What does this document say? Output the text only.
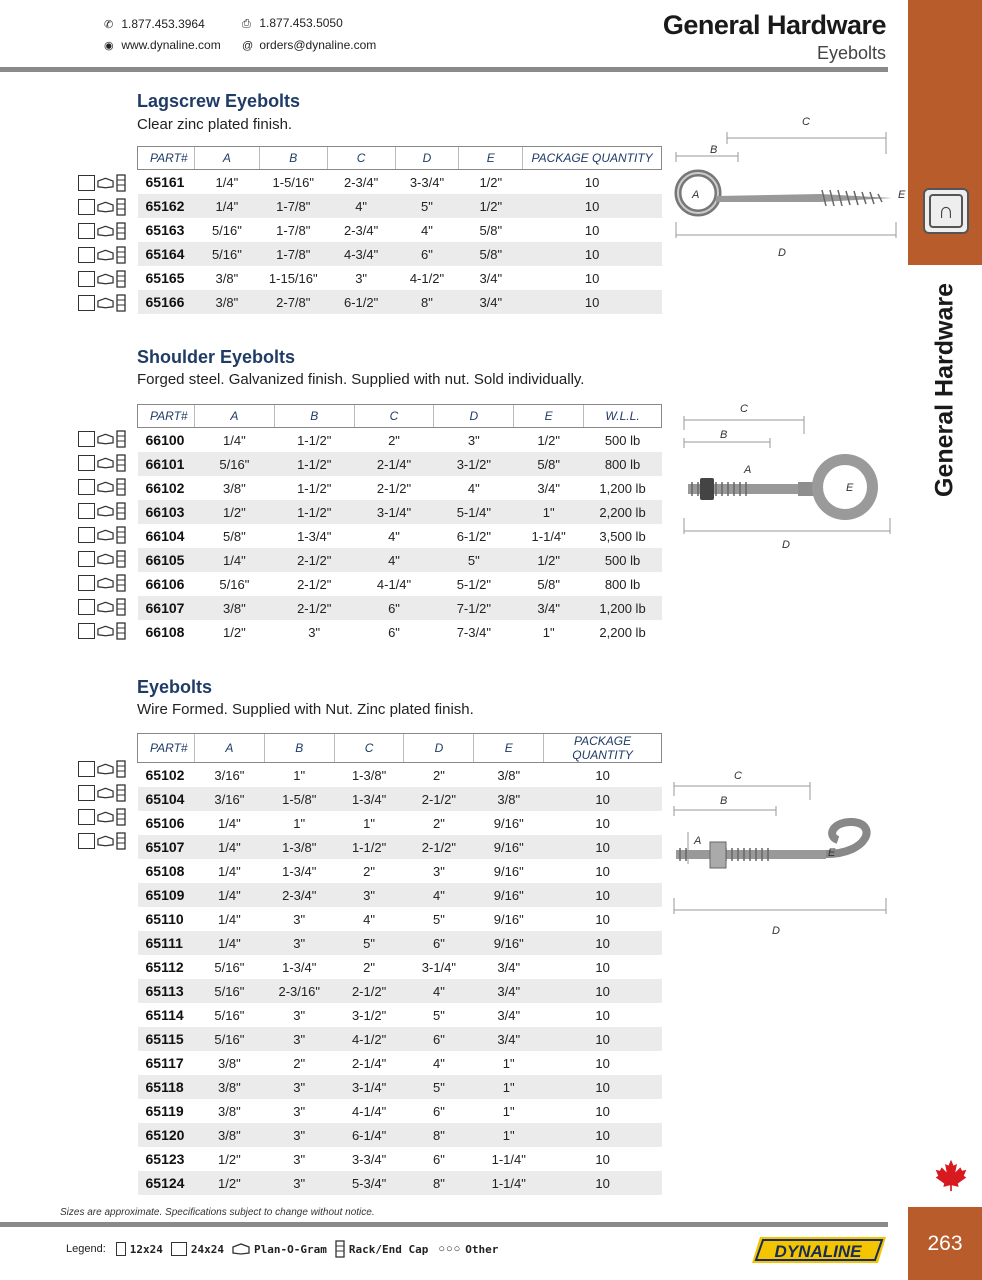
✆ 1.877.453.3964	⎙ 1.877.453.5050
◉ www.dynaline.com @ orders@dynaline.com
General Hardware
Eyebolts
∩
General Hardware
Lagscrew Eyebolts
Clear zinc plated finish.
PART#	A	B	C	D	E	PACKAGE QUANTITY
65161	1/4"	1-5/16"	2-3/4"	3-3/4"	1/2"	10
65162	1/4"	1-7/8"	4"	5"	1/2"	10
65163	5/16"	1-7/8"	2-3/4"	4"	5/8"	10
65164	5/16"	1-7/8"	4-3/4"	6"	5/8"	10
65165	3/8"	1-15/16"	3"	4-1/2"	3/4"	10
65166	3/8"	2-7/8"	6-1/2"	8"	3/4"	10
C
B
A	E
D
Shoulder Eyebolts
Forged steel. Galvanized finish. Supplied with nut. Sold individually.
PART#	A	B	C	D	E	W.L.L.
66100	1/4"	1-1/2"	2"	3"	1/2"	500 lb
66101	5/16"	1-1/2"	2-1/4"	3-1/2"	5/8"	800 lb
66102	3/8"	1-1/2"	2-1/2"	4"	3/4"	1,200 lb
66103	1/2"	1-1/2"	3-1/4"	5-1/4"	1"	2,200 lb
66104	5/8"	1-3/4"	4"	6-1/2"	1-1/4"	3,500 lb
66105	1/4"	2-1/2"	4"	5"	1/2"	500 lb
66106	5/16"	2-1/2"	4-1/4"	5-1/2"	5/8"	800 lb
66107	3/8"	2-1/2"	6"	7-1/2"	3/4"	1,200 lb
66108	1/2"	3"	6"	7-3/4"	1"	2,200 lb
C
B
A
E
D
Eyebolts
Wire Formed. Supplied with Nut. Zinc plated finish.
PART#	A	B	C	D	E	PACKAGE QUANTITY
65102	3/16"	1"	1-3/8"	2"	3/8"	10
65104	3/16"	1-5/8"	1-3/4"	2-1/2"	3/8"	10
65106	1/4"	1"	1"	2"	9/16"	10
65107	1/4"	1-3/8"	1-1/2"	2-1/2"	9/16"	10
65108	1/4"	1-3/4"	2"	3"	9/16"	10
65109	1/4"	2-3/4"	3"	4"	9/16"	10
65110	1/4"	3"	4"	5"	9/16"	10
65111	1/4"	3"	5"	6"	9/16"	10
65112	5/16"	1-3/4"	2"	3-1/4"	3/4"	10
65113	5/16"	2-3/16"	2-1/2"	4"	3/4"	10
65114	5/16"	3"	3-1/2"	5"	3/4"	10
65115	5/16"	3"	4-1/2"	6"	3/4"	10
65117	3/8"	2"	2-1/4"	4"	1"	10
65118	3/8"	3"	3-1/4"	5"	1"	10
65119	3/8"	3"	4-1/4"	6"	1"	10
65120	3/8"	3"	6-1/4"	8"	1"	10
65123	1/2"	3"	3-3/4"	6"	1-1/4"	10
65124	1/2"	3"	5-3/4"	8"	1-1/4"	10
C
B
A
E
D
Sizes are approximate. Specifications subject to change without notice.
Legend: 12x24	24x24	Plan-O-Gram Rack/End Cap ○○○ Other	DYNALINE	263
